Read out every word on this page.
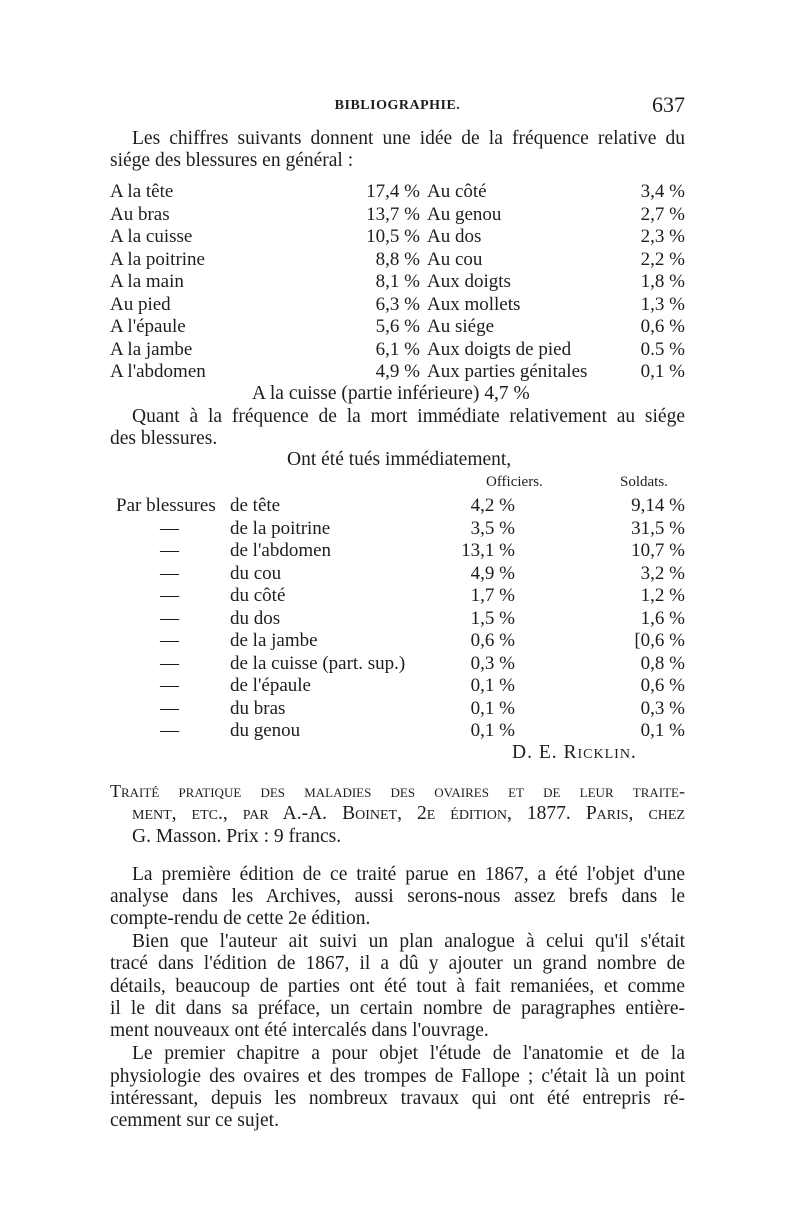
BIBLIOGRAPHIE.	637
Les chiffres suivants donnent une idée de la fréquence relative du
siége des blessures en général :
A la tête	17,4 % Au côté	3,4 %
Au bras	13,7 % Au genou	2,7 %
A la cuisse	10,5 % Au dos	2,3 %
A la poitrine	8,8 % Au cou	2,2 %
A la main	8,1 % Aux doigts	1,8 %
Au pied	6,3 % Aux mollets	1,3 %
A l'épaule	5,6 % Au siége	0,6 %
A la jambe	6,1 % Aux doigts de pied	0.5 %
A l'abdomen	4,9 % Aux parties génitales	0,1 %
A la cuisse (partie inférieure) 4,7 %
Quant à la fréquence de la mort immédiate relativement au siége
des blessures.
Ont été tués immédiatement,
Officiers.	Soldats.
Par blessures de tête	4,2 %	9,14 %
—	de la poitrine	3,5 %	31,5 %
—	de l'abdomen	13,1 %	10,7 %
—	du cou	4,9 %	3,2 %
—	du côté	1,7 %	1,2 %
—	du dos	1,5 %	1,6 %
—	de la jambe	0,6 %	[0,6 %
—	de la cuisse (part. sup.)	0,3 %	0,8 %
—	de l'épaule	0,1 %	0,6 %
—	du bras	0,1 %	0,3 %
—	du genou	0,1 %	0,1 %
D. E. Ricklin.
Traité pratique des maladies des ovaires et de leur traite-
ment, etc., par A.-A. Boinet, 2e édition, 1877. Paris, chez
G. Masson. Prix : 9 francs.
La première édition de ce traité parue en 1867, a été l'objet d'une
analyse dans les Archives, aussi serons-nous assez brefs dans le
compte-rendu de cette 2e édition.
Bien que l'auteur ait suivi un plan analogue à celui qu'il s'était
tracé dans l'édition de 1867, il a dû y ajouter un grand nombre de
détails, beaucoup de parties ont été tout à fait remaniées, et comme
il le dit dans sa préface, un certain nombre de paragraphes entière-
ment nouveaux ont été intercalés dans l'ouvrage.
Le premier chapitre a pour objet l'étude de l'anatomie et de la
physiologie des ovaires et des trompes de Fallope ; c'était là un point
intéressant, depuis les nombreux travaux qui ont été entrepris ré-
cemment sur ce sujet.
